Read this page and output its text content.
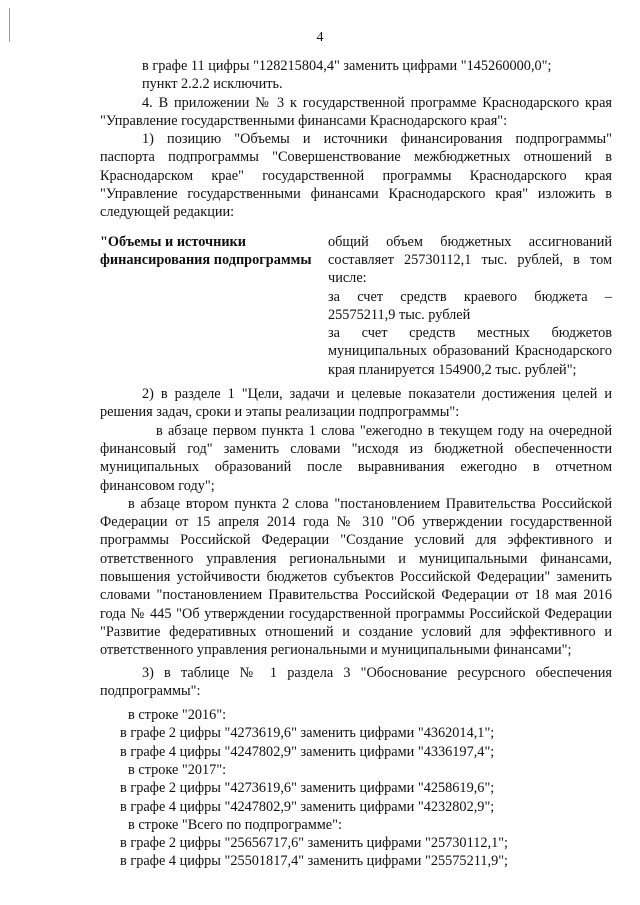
4

в графе 11 цифры "128215804,4" заменить цифрами "145260000,0";

пункт 2.2.2 исключить.

4. В приложении № 3 к государственной программе Краснодарского края "Управление государственными финансами Краснодарского края":

1) позицию "Объемы и источники финансирования подпрограммы" паспорта подпрограммы "Совершенствование межбюджетных отношений в Краснодарском крае" государственной программы Краснодарского края "Управление государственными финансами Краснодарского края" изложить в следующей редакции:

"Объемы и источники финансирования подпрограммы

общий объем бюджетных ассигнований составляет 25730112,1 тыс. рублей, в том числе:

за счет средств краевого бюджета – 25575211,9 тыс. рублей

за счет средств местных бюджетов муниципальных образований Краснодарского края планируется 154900,2 тыс. рублей";

2) в разделе 1 "Цели, задачи и целевые показатели достижения целей и решения задач, сроки и этапы реализации подпрограммы":

в абзаце первом пункта 1 слова "ежегодно в текущем году на очередной финансовый год" заменить словами "исходя из бюджетной обеспеченности муниципальных образований после выравнивания ежегодно в отчетном финансовом году";

в абзаце втором пункта 2 слова "постановлением Правительства Российской Федерации от 15 апреля 2014 года № 310 "Об утверждении государственной программы Российской Федерации "Создание условий для эффективного и ответственного управления региональными и муниципальными финансами, повышения устойчивости бюджетов субъектов Российской Федерации" заменить словами "постановлением Правительства Российской Федерации от 18 мая 2016 года № 445 "Об утверждении государственной программы Российской Федерации "Развитие федеративных отношений и создание условий для эффективного и ответственного управления региональными и муниципальными финансами";

3) в таблице № 1 раздела 3 "Обоснование ресурсного обеспечения подпрограммы":

в строке "2016":

в графе 2 цифры "4273619,6" заменить цифрами "4362014,1";

в графе 4 цифры "4247802,9" заменить цифрами "4336197,4";

в строке "2017":

в графе 2 цифры "4273619,6" заменить цифрами "4258619,6";

в графе 4 цифры "4247802,9" заменить цифрами "4232802,9";

в строке "Всего по подпрограмме":

в графе 2 цифры "25656717,6" заменить цифрами "25730112,1";

в графе 4 цифры "25501817,4" заменить цифрами "25575211,9";
